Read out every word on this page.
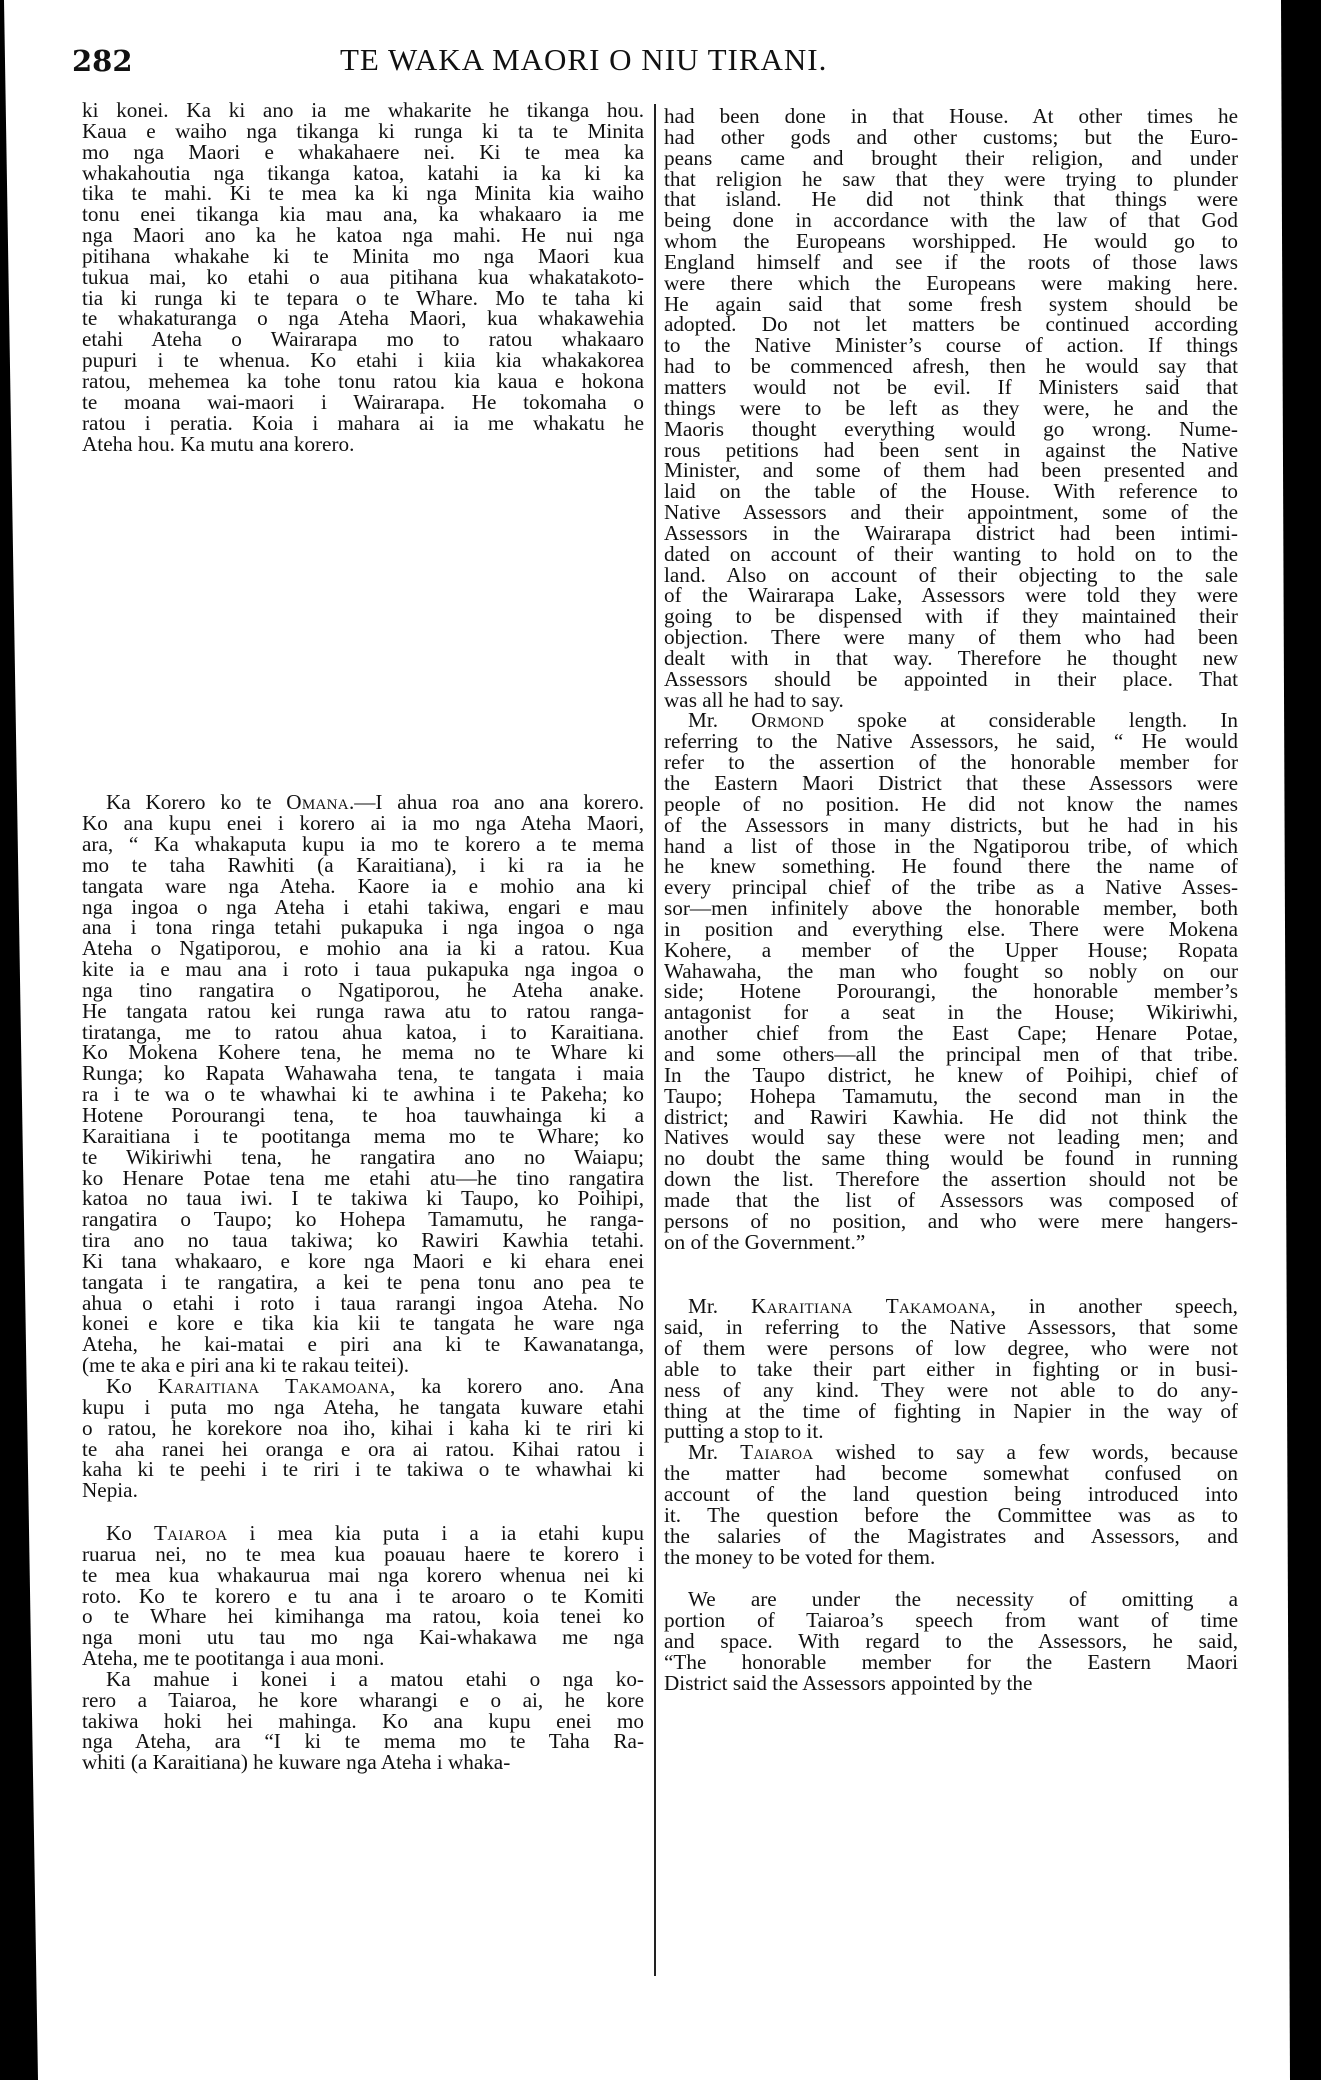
282	TE WAKA MAORI O NIU TIRANI.
ki konei. Ka ki ano ia me whakarite he tikanga hou.
Kaua e waiho nga tikanga ki runga ki ta te Minita
mo nga Maori e whakahaere nei. Ki te mea ka
whakahoutia nga tikanga katoa, katahi ia ka ki ka
tika te mahi. Ki te mea ka ki nga Minita kia waiho
tonu enei tikanga kia mau ana, ka whakaaro ia me
nga Maori ano ka he katoa nga mahi. He nui nga
pitihana whakahe ki te Minita mo nga Maori kua
tukua mai, ko etahi o aua pitihana kua whakatakoto-
tia ki runga ki te tepara o te Whare. Mo te taha ki
te whakaturanga o nga Ateha Maori, kua whakawehia
etahi Ateha o Wairarapa mo to ratou whakaaro
pupuri i te whenua. Ko etahi i kiia kia whakakorea
ratou, mehemea ka tohe tonu ratou kia kaua e hokona
te moana wai-maori i Wairarapa. He tokomaha o
ratou i peratia. Koia i mahara ai ia me whakatu he
Ateha hou. Ka mutu ana korero.
Ka Korero ko te Omana.—I ahua roa ano ana korero.
Ko ana kupu enei i korero ai ia mo nga Ateha Maori,
ara, “ Ka whakaputa kupu ia mo te korero a te mema
mo te taha Rawhiti (a Karaitiana), i ki ra ia he
tangata ware nga Ateha. Kaore ia e mohio ana ki
nga ingoa o nga Ateha i etahi takiwa, engari e mau
ana i tona ringa tetahi pukapuka i nga ingoa o nga
Ateha o Ngatiporou, e mohio ana ia ki a ratou. Kua
kite ia e mau ana i roto i taua pukapuka nga ingoa o
nga tino rangatira o Ngatiporou, he Ateha anake.
He tangata ratou kei runga rawa atu to ratou ranga-
tiratanga, me to ratou ahua katoa, i to Karaitiana.
Ko Mokena Kohere tena, he mema no te Whare ki
Runga; ko Rapata Wahawaha tena, te tangata i maia
ra i te wa o te whawhai ki te awhina i te Pakeha; ko
Hotene Porourangi tena, te hoa tauwhainga ki a
Karaitiana i te pootitanga mema mo te Whare; ko
te Wikiriwhi tena, he rangatira ano no Waiapu;
ko Henare Potae tena me etahi atu—he tino rangatira
katoa no taua iwi. I te takiwa ki Taupo, ko Poihipi,
rangatira o Taupo; ko Hohepa Tamamutu, he ranga-
tira ano no taua takiwa; ko Rawiri Kawhia tetahi.
Ki tana whakaaro, e kore nga Maori e ki ehara enei
tangata i te rangatira, a kei te pena tonu ano pea te
ahua o etahi i roto i taua rarangi ingoa Ateha. No
konei e kore e tika kia kii te tangata he ware nga
Ateha, he kai-matai e piri ana ki te Kawanatanga,
(me te aka e piri ana ki te rakau teitei).
Ko Karaitiana Takamoana, ka korero ano. Ana
kupu i puta mo nga Ateha, he tangata kuware etahi
o ratou, he korekore noa iho, kihai i kaha ki te riri ki
te aha ranei hei oranga e ora ai ratou. Kihai ratou i
kaha ki te peehi i te riri i te takiwa o te whawhai ki
Nepia.
Ko Taiaroa i mea kia puta i a ia etahi kupu
ruarua nei, no te mea kua poauau haere te korero i
te mea kua whakaurua mai nga korero whenua nei ki
roto. Ko te korero e tu ana i te aroaro o te Komiti
o te Whare hei kimihanga ma ratou, koia tenei ko
nga moni utu tau mo nga Kai-whakawa me nga
Ateha, me te pootitanga i aua moni.
Ka mahue i konei i a matou etahi o nga ko-
rero a Taiaroa, he kore wharangi e o ai, he kore
takiwa hoki hei mahinga. Ko ana kupu enei mo
nga Ateha, ara “I ki te mema mo te Taha Ra-
whiti (a Karaitiana) he kuware nga Ateha i whaka-
had been done in that House. At other times he
had other gods and other customs; but the Euro-
peans came and brought their religion, and under
that religion he saw that they were trying to plunder
that island. He did not think that things were
being done in accordance with the law of that God
whom the Europeans worshipped. He would go to
England himself and see if the roots of those laws
were there which the Europeans were making here.
He again said that some fresh system should be
adopted. Do not let matters be continued according
to the Native Minister’s course of action. If things
had to be commenced afresh, then he would say that
matters would not be evil. If Ministers said that
things were to be left as they were, he and the
Maoris thought everything would go wrong. Nume-
rous petitions had been sent in against the Native
Minister, and some of them had been presented and
laid on the table of the House. With reference to
Native Assessors and their appointment, some of the
Assessors in the Wairarapa district had been intimi-
dated on account of their wanting to hold on to the
land. Also on account of their objecting to the sale
of the Wairarapa Lake, Assessors were told they were
going to be dispensed with if they maintained their
objection. There were many of them who had been
dealt with in that way. Therefore he thought new
Assessors should be appointed in their place. That
was all he had to say.
Mr. Ormond spoke at considerable length. In
referring to the Native Assessors, he said, “ He would
refer to the assertion of the honorable member for
the Eastern Maori District that these Assessors were
people of no position. He did not know the names
of the Assessors in many districts, but he had in his
hand a list of those in the Ngatiporou tribe, of which
he knew something. He found there the name of
every principal chief of the tribe as a Native Asses-
sor—men infinitely above the honorable member, both
in position and everything else. There were Mokena
Kohere, a member of the Upper House; Ropata
Wahawaha, the man who fought so nobly on our
side; Hotene Porourangi, the honorable member’s
antagonist for a seat in the House; Wikiriwhi,
another chief from the East Cape; Henare Potae,
and some others—all the principal men of that tribe.
In the Taupo district, he knew of Poihipi, chief of
Taupo; Hohepa Tamamutu, the second man in the
district; and Rawiri Kawhia. He did not think the
Natives would say these were not leading men; and
no doubt the same thing would be found in running
down the list. Therefore the assertion should not be
made that the list of Assessors was composed of
persons of no position, and who were mere hangers-
on of the Government.”
Mr. Karaitiana Takamoana, in another speech,
said, in referring to the Native Assessors, that some
of them were persons of low degree, who were not
able to take their part either in fighting or in busi-
ness of any kind. They were not able to do any-
thing at the time of fighting in Napier in the way of
putting a stop to it.
Mr. Taiaroa wished to say a few words, because
the matter had become somewhat confused on
account of the land question being introduced into
it. The question before the Committee was as to
the salaries of the Magistrates and Assessors, and
the money to be voted for them.
We are under the necessity of omitting a
portion of Taiaroa’s speech from want of time
and space. With regard to the Assessors, he said,
“The honorable member for the Eastern Maori
District said the Assessors appointed by the
